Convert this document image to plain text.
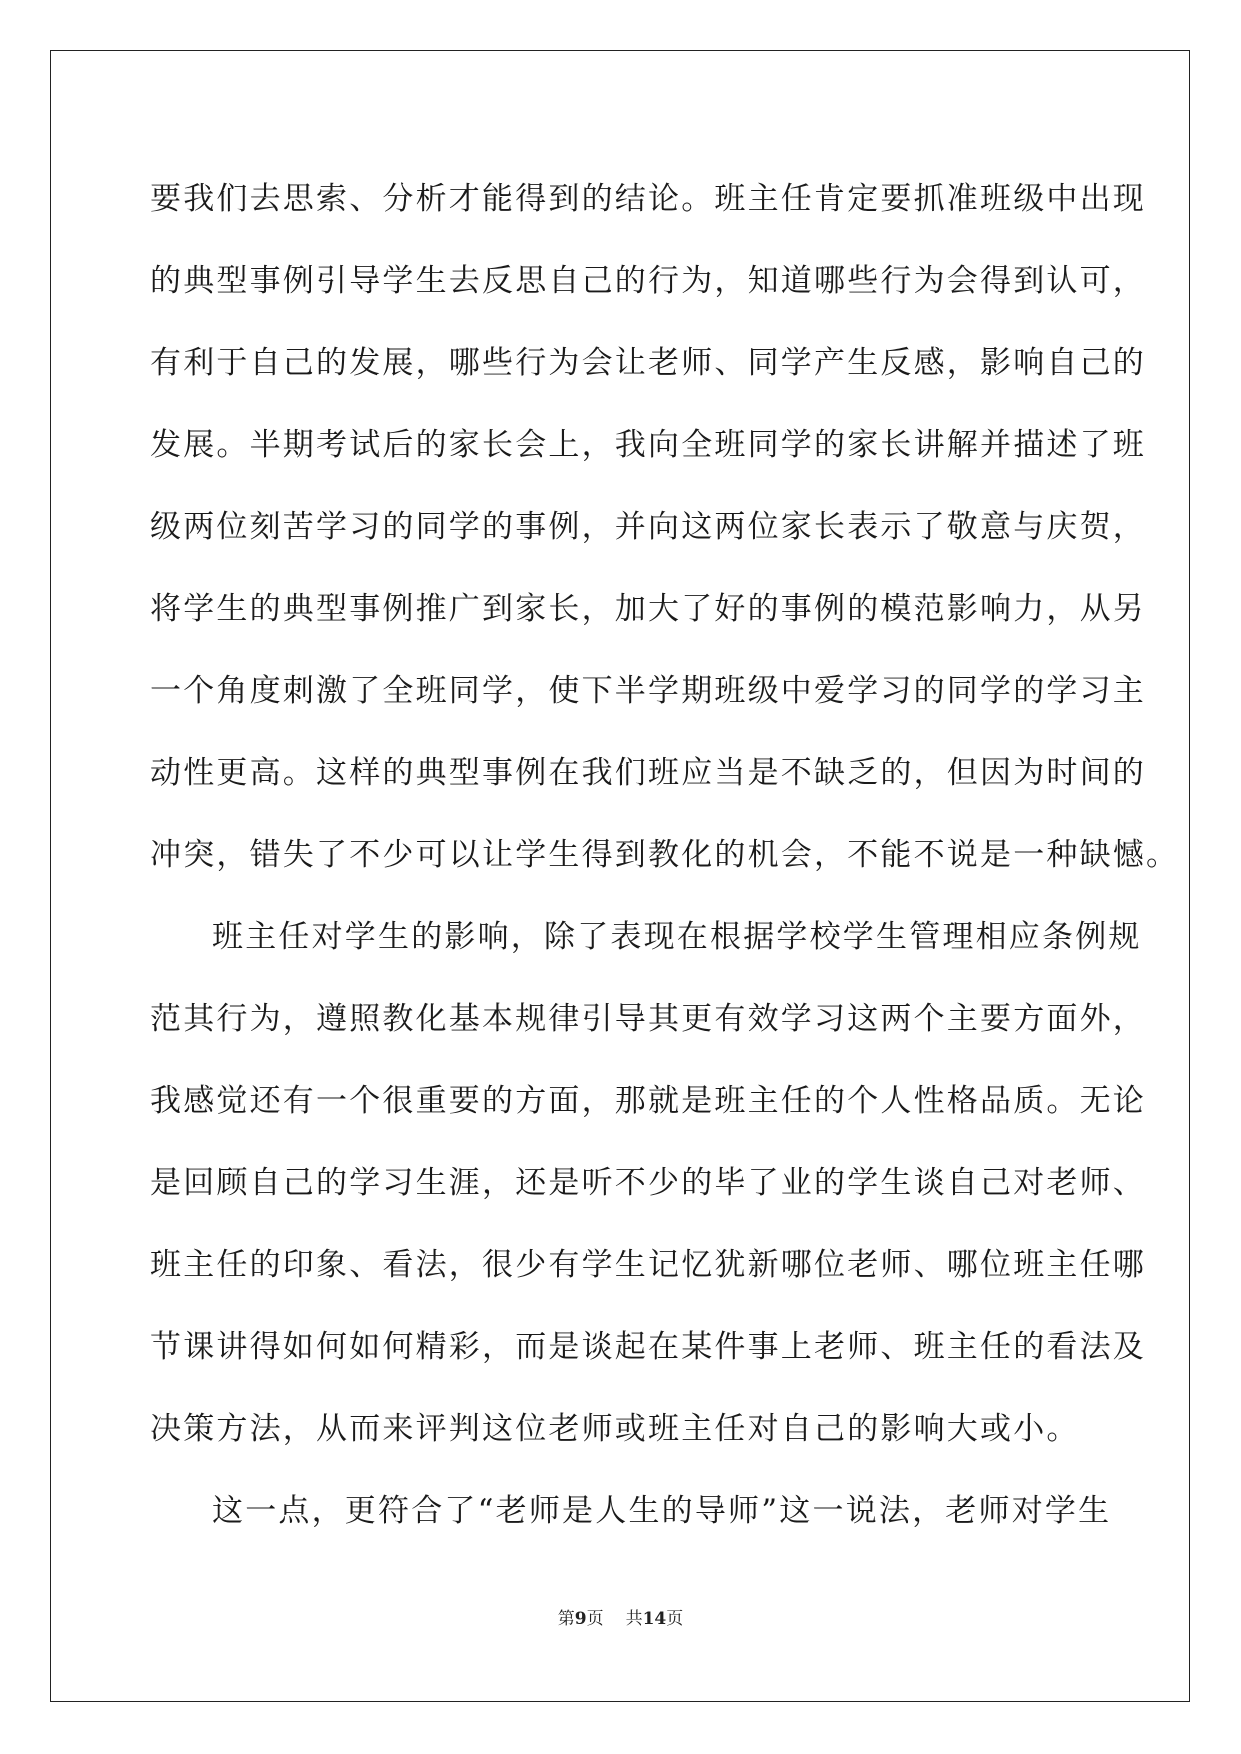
要我们去思索、分析才能得到的结论。班主任肯定要抓准班级中出现
的典型事例引导学生去反思自己的行为，知道哪些行为会得到认可，
有利于自己的发展，哪些行为会让老师、同学产生反感，影响自己的
发展。半期考试后的家长会上，我向全班同学的家长讲解并描述了班
级两位刻苦学习的同学的事例，并向这两位家长表示了敬意与庆贺，
将学生的典型事例推广到家长，加大了好的事例的模范影响力，从另
一个角度刺激了全班同学，使下半学期班级中爱学习的同学的学习主
动性更高。这样的典型事例在我们班应当是不缺乏的，但因为时间的
冲突，错失了不少可以让学生得到教化的机会，不能不说是一种缺憾。
班主任对学生的影响，除了表现在根据学校学生管理相应条例规
范其行为，遵照教化基本规律引导其更有效学习这两个主要方面外，
我感觉还有一个很重要的方面，那就是班主任的个人性格品质。无论
是回顾自己的学习生涯，还是听不少的毕了业的学生谈自己对老师、
班主任的印象、看法，很少有学生记忆犹新哪位老师、哪位班主任哪
节课讲得如何如何精彩，而是谈起在某件事上老师、班主任的看法及
决策方法，从而来评判这位老师或班主任对自己的影响大或小。
这一点，更符合了“老师是人生的导师”这一说法，老师对学生
第9页 共14页
